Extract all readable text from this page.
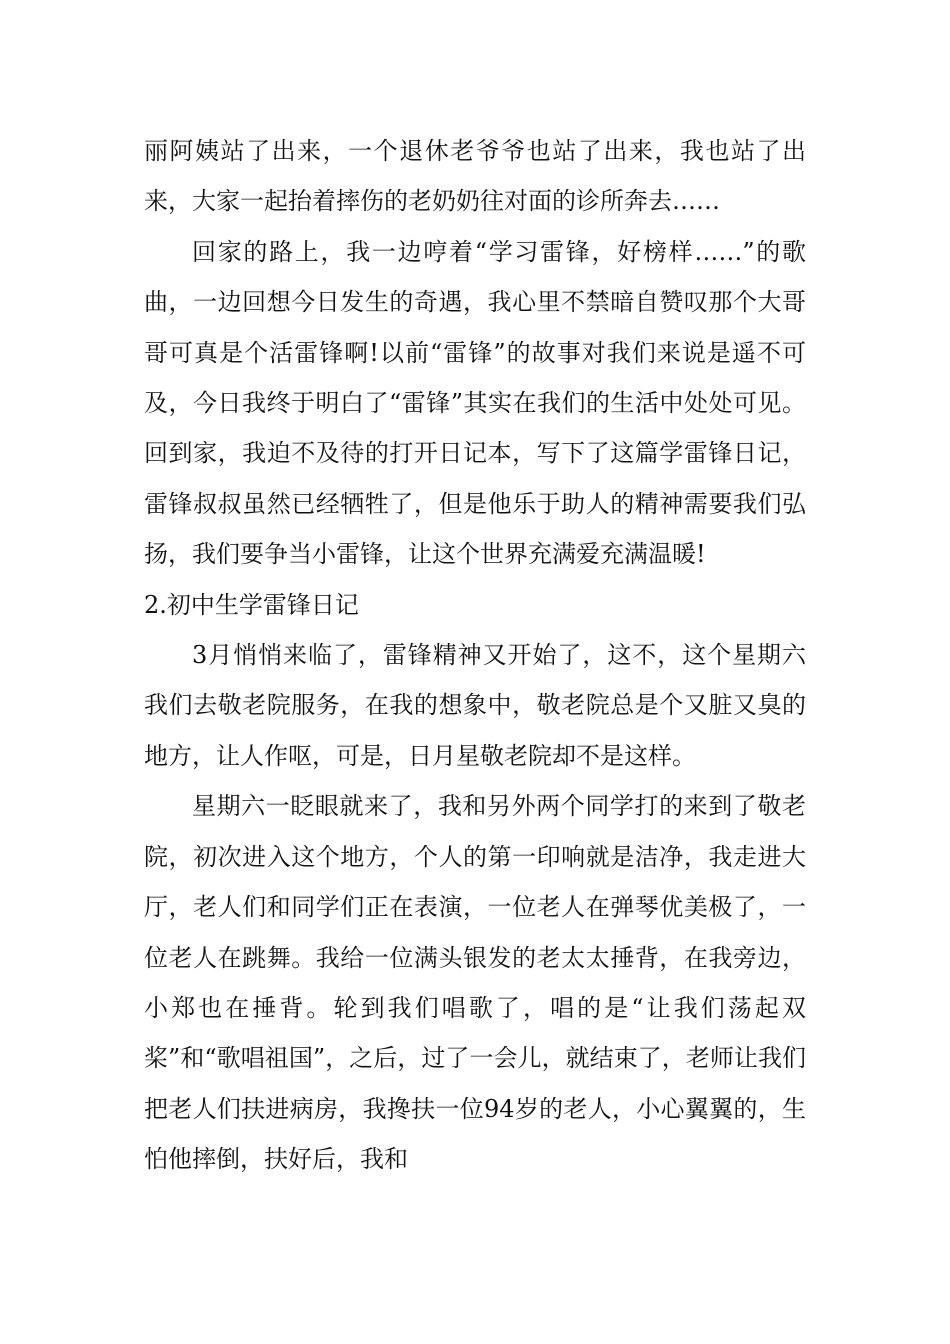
丽阿姨站了出来，一个退休老爷爷也站了出来，我也站了出来，大家一起抬着摔伤的老奶奶往对面的诊所奔去……

回家的路上，我一边哼着“学习雷锋，好榜样……”的歌曲，一边回想今日发生的奇遇，我心里不禁暗自赞叹那个大哥哥可真是个活雷锋啊!以前“雷锋”的故事对我们来说是遥不可及，今日我终于明白了“雷锋”其实在我们的生活中处处可见。回到家，我迫不及待的打开日记本，写下了这篇学雷锋日记，雷锋叔叔虽然已经牺牲了，但是他乐于助人的精神需要我们弘扬，我们要争当小雷锋，让这个世界充满爱充满温暖!

2.初中生学雷锋日记

3月悄悄来临了，雷锋精神又开始了，这不，这个星期六我们去敬老院服务，在我的想象中，敬老院总是个又脏又臭的地方，让人作呕，可是，日月星敬老院却不是这样。

星期六一眨眼就来了，我和另外两个同学打的来到了敬老院，初次进入这个地方，个人的第一印响就是洁净，我走进大厅，老人们和同学们正在表演，一位老人在弹琴优美极了，一位老人在跳舞。我给一位满头银发的老太太捶背，在我旁边，小郑也在捶背。轮到我们唱歌了，唱的是“让我们荡起双桨”和“歌唱祖国”，之后，过了一会儿，就结束了，老师让我们把老人们扶进病房，我搀扶一位94岁的老人，小心翼翼的，生怕他摔倒，扶好后，我和
